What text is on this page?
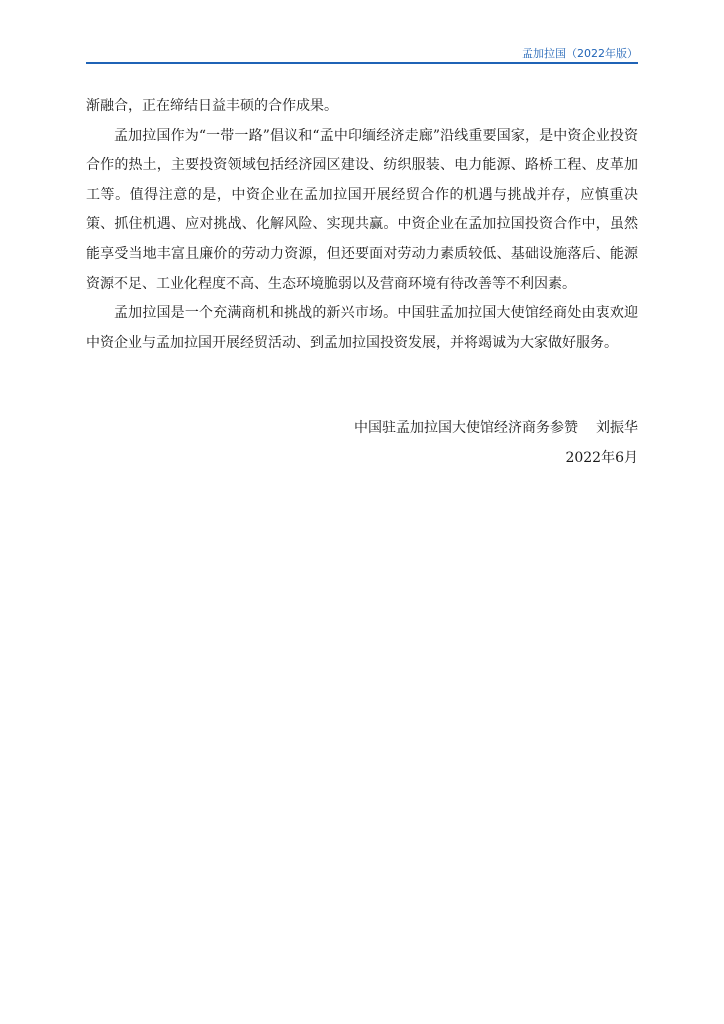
孟加拉国（2022年版）

渐融合，正在缔结日益丰硕的合作成果。

孟加拉国作为“一带一路”倡议和“孟中印缅经济走廊”沿线重要国家，是中资企业投资合作的热土，主要投资领域包括经济园区建设、纺织服装、电力能源、路桥工程、皮革加工等。值得注意的是，中资企业在孟加拉国开展经贸合作的机遇与挑战并存，应慎重决策、抓住机遇、应对挑战、化解风险、实现共赢。中资企业在孟加拉国投资合作中，虽然能享受当地丰富且廉价的劳动力资源，但还要面对劳动力素质较低、基础设施落后、能源资源不足、工业化程度不高、生态环境脆弱以及营商环境有待改善等不利因素。

孟加拉国是一个充满商机和挑战的新兴市场。中国驻孟加拉国大使馆经商处由衷欢迎中资企业与孟加拉国开展经贸活动、到孟加拉国投资发展，并将竭诚为大家做好服务。

中国驻孟加拉国大使馆经济商务参赞 刘振华

2022年6月
